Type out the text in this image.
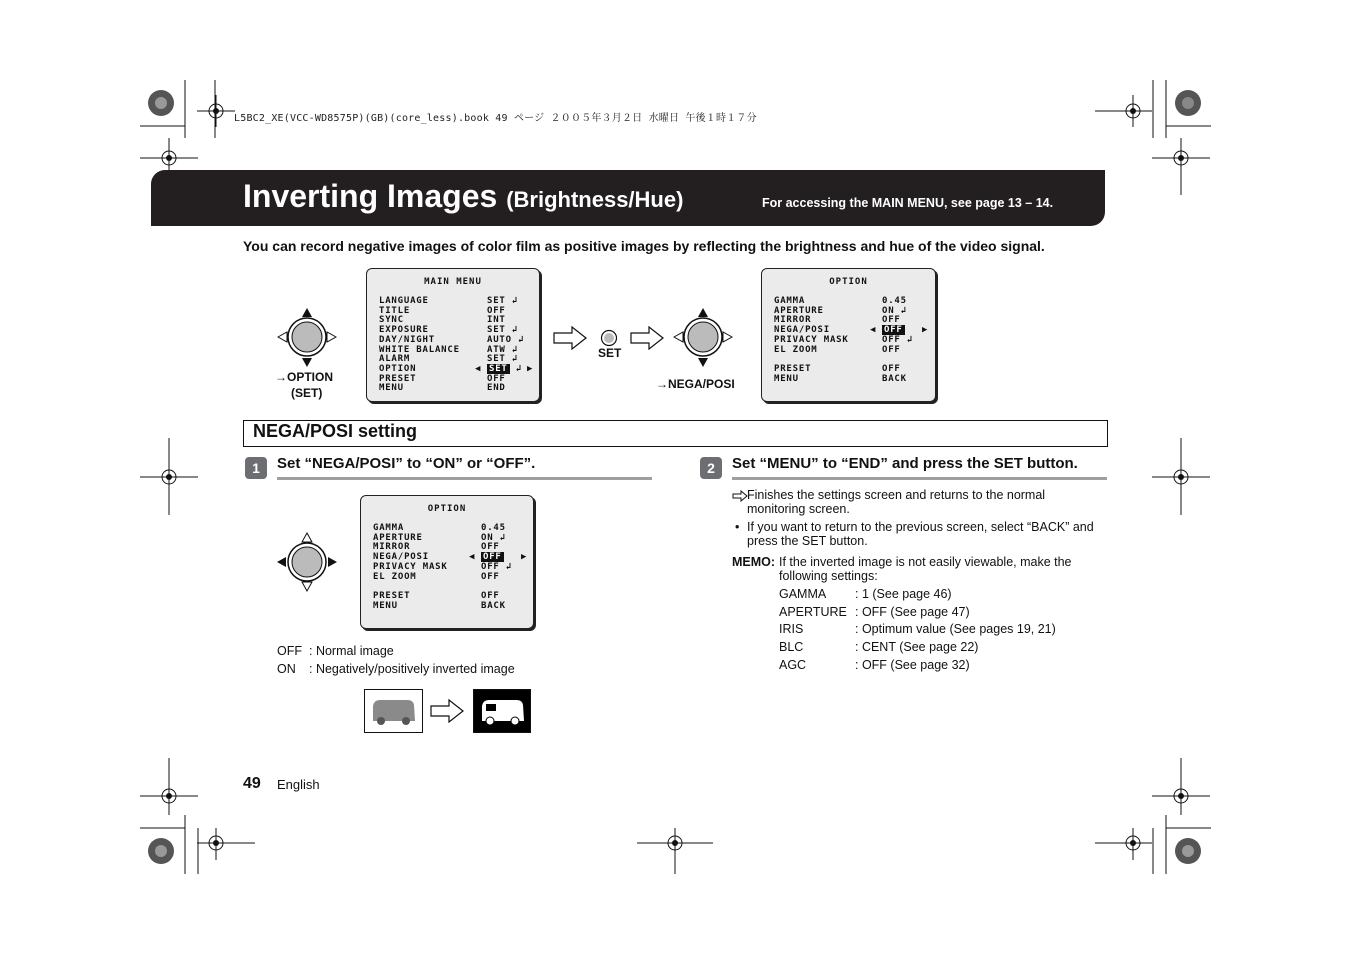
L5BC2_XE(VCC-WD8575P)(GB)(core_less).book 49 ページ ２００５年３月２日 水曜日 午後１時１７分
Inverting Images (Brightness/Hue)	For accessing the MAIN MENU, see page 13 – 14.
You can record negative images of color film as positive images by reflecting the brightness and hue of the video signal.
→OPTION
(SET)
MAIN MENU
LANGUAGE	SET ↲
TITLE	OFF
SYNC	INT
EXPOSURE	SET ↲
DAY/NIGHT	AUTO ↲
WHITE BALANCE	ATW ↲
ALARM	SET ↲
OPTION	SET ↲
◀	▶
PRESET	OFF
MENU	END
SET
→NEGA/POSI
OPTION
GAMMA	0.45
APERTURE	ON ↲
MIRROR	OFF
NEGA/POSI	OFF
◀	▶
PRIVACY MASK	OFF ↲
EL ZOOM	OFF
PRESET	OFF
MENU	BACK
NEGA/POSI setting
1	Set “NEGA/POSI” to “ON” or “OFF”.
OPTION
GAMMA	0.45
APERTURE	ON ↲
MIRROR	OFF
NEGA/POSI	OFF
◀	▶
PRIVACY MASK	OFF ↲
EL ZOOM	OFF
PRESET	OFF
MENU	BACK
OFF : Normal image
ON : Negatively/positively inverted image
2	Set “MENU” to “END” and press the SET button.
Finishes the settings screen and returns to the normal monitoring screen.
• If you want to return to the previous screen, select “BACK” and press the SET button.
MEMO: If the inverted image is not easily viewable, make the following settings:
GAMMA : 1 (See page 46)
APERTURE : OFF (See page 47)
IRIS	: Optimum value (See pages 19, 21)
BLC	: CENT (See page 22)
AGC	: OFF (See page 32)
49 English
